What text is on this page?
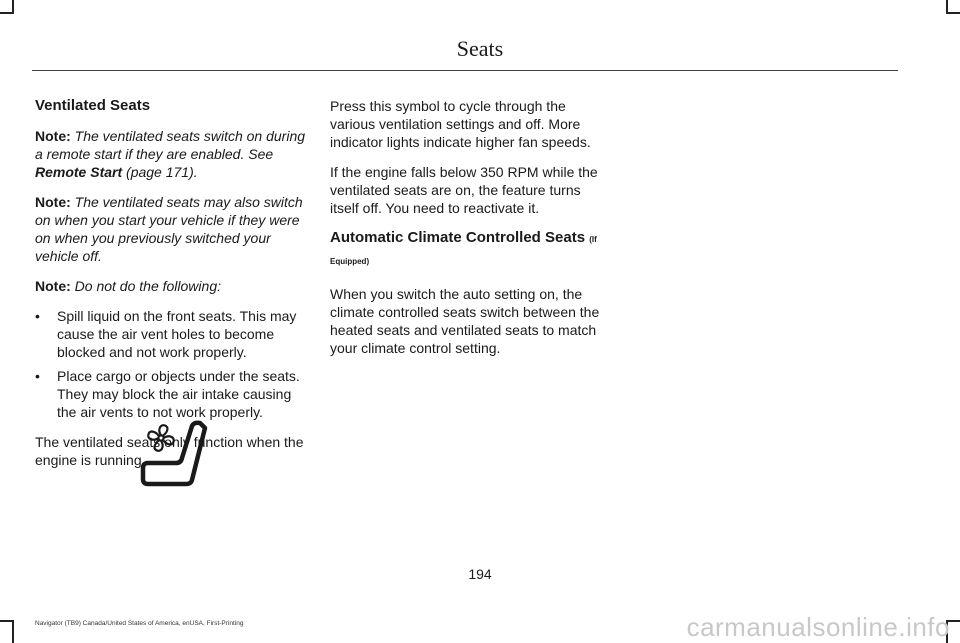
Seats
Ventilated Seats

Note: The ventilated seats switch on during a remote start if they are enabled. See Remote Start (page 171).

Note: The ventilated seats may also switch on when you start your vehicle if they were on when you previously switched your vehicle off.

Note: Do not do the following:

• Spill liquid on the front seats. This may cause the air vent holes to become blocked and not work properly.
• Place cargo or objects under the seats. They may block the air intake causing the air vents to not work properly.

The ventilated seats only function when the engine is running.

Press this symbol to cycle through the various ventilation settings and off. More indicator lights indicate higher fan speeds.

If the engine falls below 350 RPM while the ventilated seats are on, the feature turns itself off. You need to reactivate it.

Automatic Climate Controlled Seats (If

Equipped)

When you switch the auto setting on, the climate controlled seats switch between the heated seats and ventilated seats to match your climate control setting.

194
Navigator (TB9) Canada/United States of America, enUSA, First-Printing	carmanualsonline.info
